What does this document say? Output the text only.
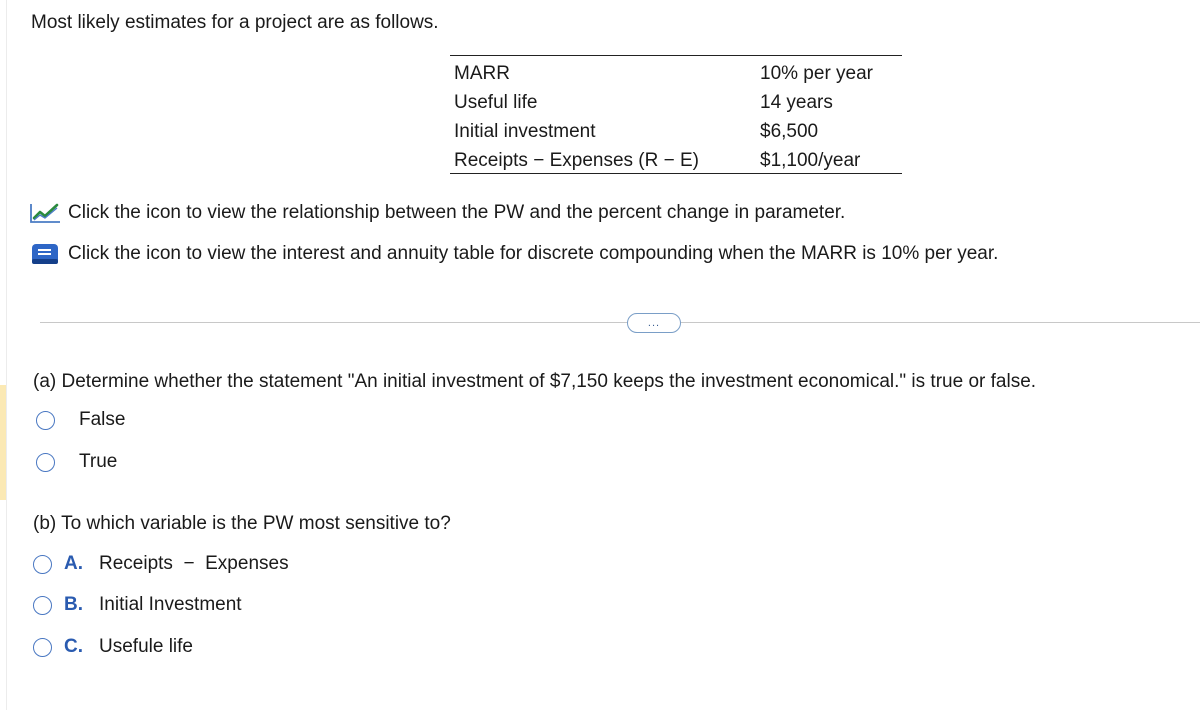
Most likely estimates for a project are as follows.
MARR	10% per year
Useful life	14 years
Initial investment	$6,500
Receipts − Expenses (R − E)	$1,100/year
Click the icon to view the relationship between the PW and the percent change in parameter.
Click the icon to view the interest and annuity table for discrete compounding when the MARR is 10% per year.
...
(a) Determine whether the statement "An initial investment of $7,150 keeps the investment economical." is true or false.
False
True
(b) To which variable is the PW most sensitive to?
A. Receipts  −  Expenses
B. Initial Investment
C. Usefule life
